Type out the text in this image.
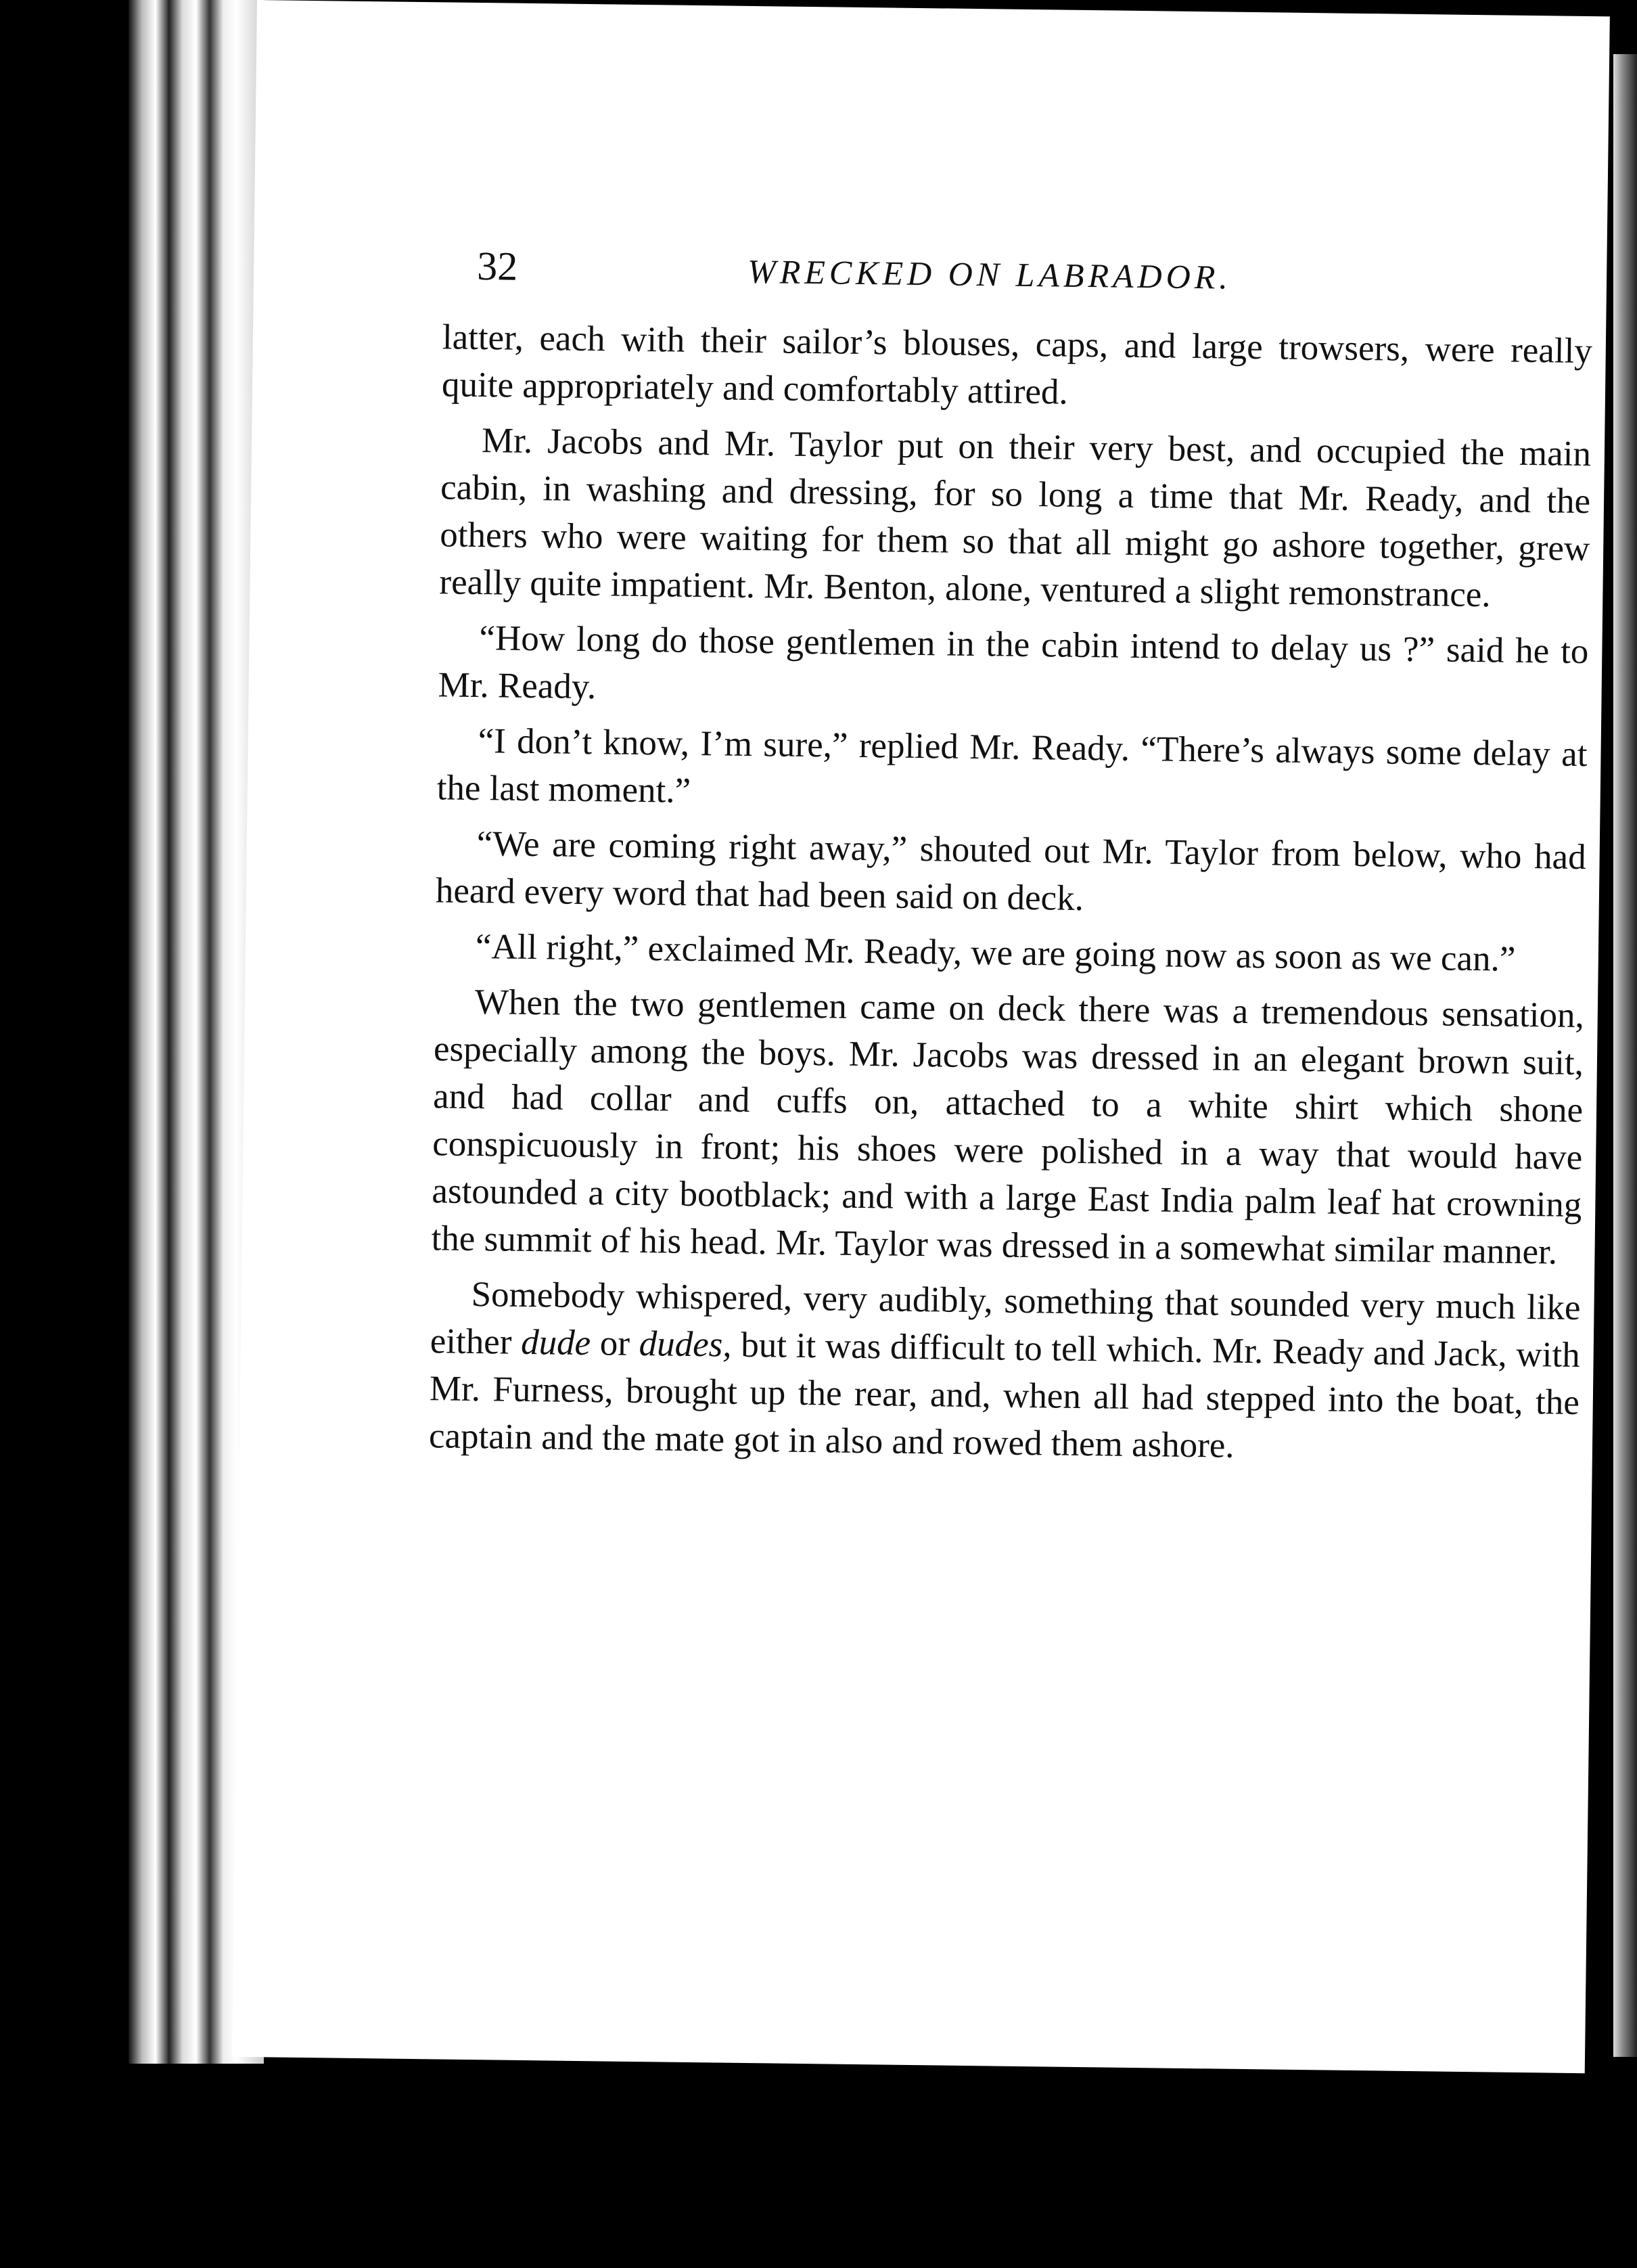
32	WRECKED ON LABRADOR.

latter, each with their sailor’s blouses, caps, and large trowsers, were really quite appropriately and comfortably attired.

Mr. Jacobs and Mr. Taylor put on their very best, and occupied the main cabin, in washing and dressing, for so long a time that Mr. Ready, and the others who were waiting for them so that all might go ashore together, grew really quite impatient. Mr. Benton, alone, ventured a slight remonstrance.

“How long do those gentlemen in the cabin intend to delay us ?” said he to Mr. Ready.

“I don’t know, I’m sure,” replied Mr. Ready. “There’s always some delay at the last moment.”

“We are coming right away,” shouted out Mr. Taylor from below, who had heard every word that had been said on deck.

“All right,” exclaimed Mr. Ready, we are going now as soon as we can.”

When the two gentlemen came on deck there was a tremendous sensation, especially among the boys. Mr. Jacobs was dressed in an elegant brown suit, and had collar and cuffs on, attached to a white shirt which shone conspicuously in front; his shoes were polished in a way that would have astounded a city bootblack; and with a large East India palm leaf hat crowning the summit of his head. Mr. Taylor was dressed in a somewhat similar manner.

Somebody whispered, very audibly, something that sounded very much like either dude or dudes, but it was difficult to tell which. Mr. Ready and Jack, with Mr. Furness, brought up the rear, and, when all had stepped into the boat, the captain and the mate got in also and rowed them ashore.
